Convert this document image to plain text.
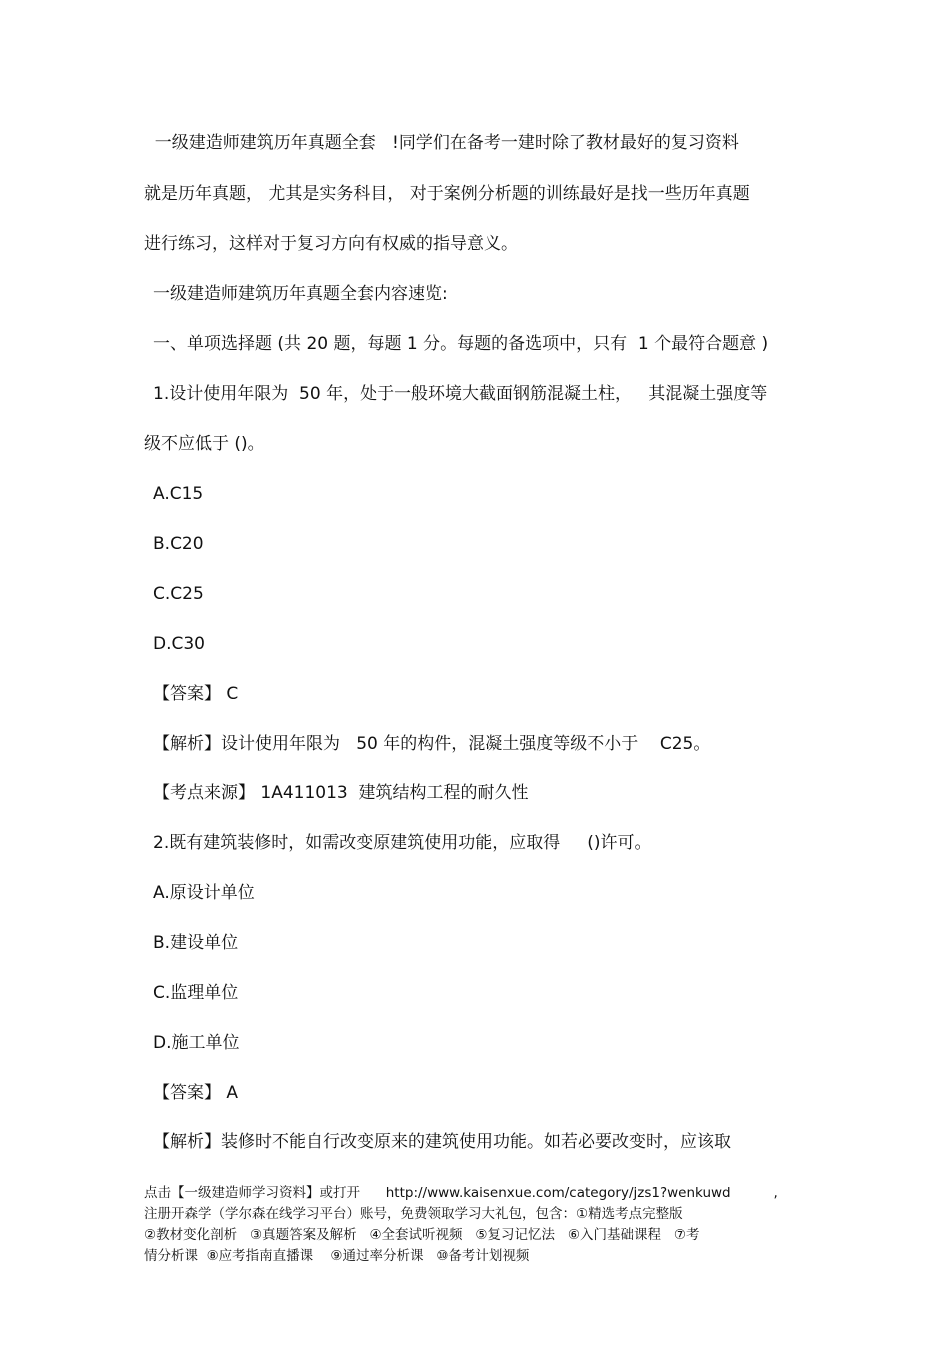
一级建造师建筑历年真题全套   !同学们在备考一建时除了教材最好的复习资料
就是历年真题， 尤其是实务科目， 对于案例分析题的训练最好是找一些历年真题
进行练习，这样对于复习方向有权威的指导意义。
一级建造师建筑历年真题全套内容速览:
一、单项选择题 (共 20 题，每题 1 分。每题的备选项中，只有  1 个最符合题意 )
1.设计使用年限为  50 年，处于一般环境大截面钢筋混凝土柱，   其混凝土强度等
级不应低于 ()。
A.C15
B.C20
C.C25
D.C30
【答案】 C
【解析】设计使用年限为   50 年的构件，混凝土强度等级不小于    C25。
【考点来源】 1A411013  建筑结构工程的耐久性
2.既有建筑装修时，如需改变原建筑使用功能，应取得     ()许可。
A.原设计单位
B.建设单位
C.监理单位
D.施工单位
【答案】 A
【解析】装修时不能自行改变原来的建筑使用功能。如若必要改变时，应该取
点击【一级建造师学习资料】或打开      http://www.kaisenxue.com/category/jzs1?wenkuwd          ,
注册开森学（学尔森在线学习平台）账号，免费领取学习大礼包，包含：①精选考点完整版
②教材变化剖析   ③真题答案及解析   ④全套试听视频   ⑤复习记忆法   ⑥入门基础课程   ⑦考
情分析课  ⑧应考指南直播课    ⑨通过率分析课   ⑩备考计划视频
